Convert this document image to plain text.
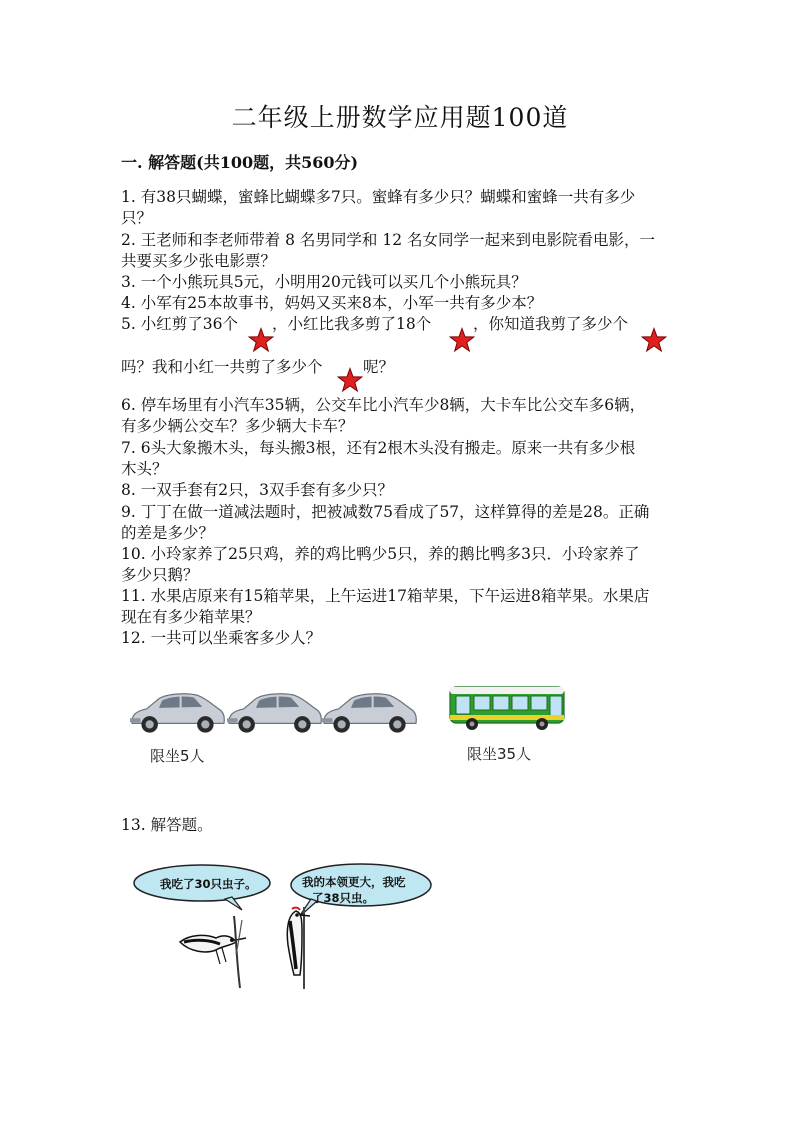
二年级上册数学应用题100道
一. 解答题(共100题，共560分)
1. 有38只蝴蝶，蜜蜂比蝴蝶多7只。蜜蜂有多少只？蝴蝶和蜜蜂一共有多少
只？
2. 王老师和李老师带着 8 名男同学和 12 名女同学一起来到电影院看电影，一
共要买多少张电影票？
3. 一个小熊玩具5元，小明用20元钱可以买几个小熊玩具？
4. 小军有25本故事书，妈妈又买来8本，小军一共有多少本？
5. 小红剪了36个 ，小红比我多剪了18个	，你知道我剪了多少个
吗？我和小红一共剪了多少个	呢？
6. 停车场里有小汽车35辆，公交车比小汽车少8辆，大卡车比公交车多6辆，
有多少辆公交车？多少辆大卡车？
7. 6头大象搬木头，每头搬3根，还有2根木头没有搬走。原来一共有多少根
木头？
8. 一双手套有2只，3双手套有多少只？
9. 丁丁在做一道减法题时，把被减数75看成了57，这样算得的差是28。正确
的差是多少？
10. 小玲家养了25只鸡，养的鸡比鸭少5只，养的鹅比鸭多3只．小玲家养了
多少只鹅？
11. 水果店原来有15箱苹果，上午运进17箱苹果，下午运进8箱苹果。水果店
现在有多少箱苹果？
12. 一共可以坐乘客多少人？
限坐5人	限坐35人
13. 解答题。
我吃了30只虫子。	我的本领更大，我吃
了38只虫。
